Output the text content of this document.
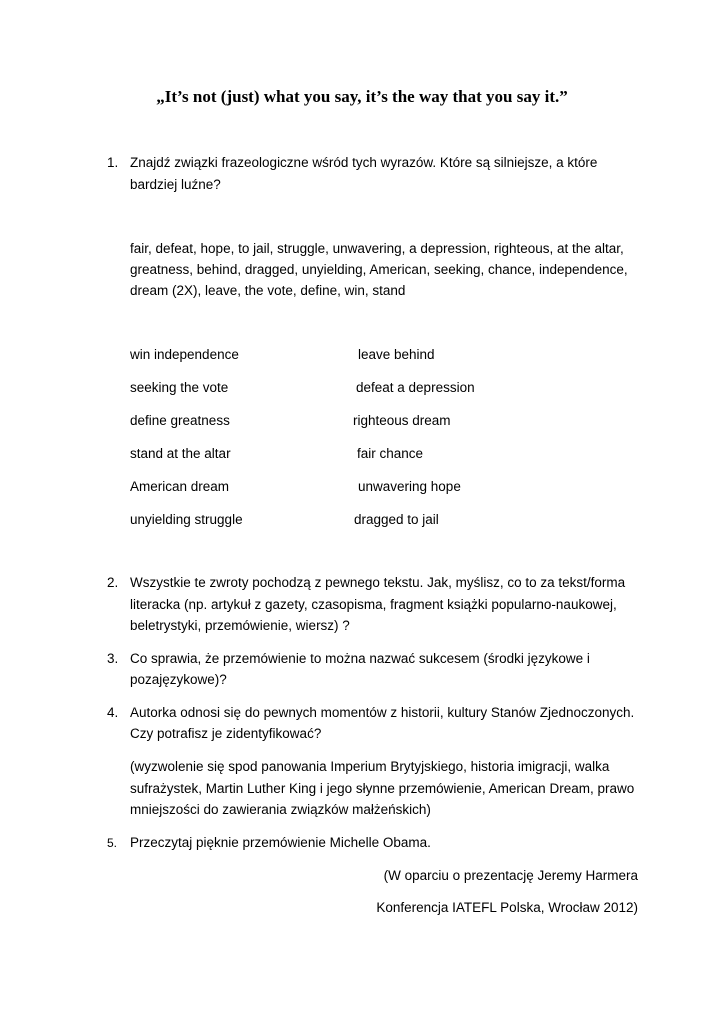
„It’s not (just) what you say, it’s the way that you say it.”
1. Znajdź związki frazeologiczne wśród tych wyrazów. Które są silniejsze, a które
bardziej luźne?
fair, defeat, hope, to jail, struggle, unwavering, a depression, righteous, at the altar,
greatness, behind, dragged, unyielding, American, seeking, chance, independence,
dream (2X), leave, the vote, define, win, stand
win independence	leave behind
seeking the vote	defeat a depression
define greatness	righteous dream
stand at the altar	fair chance
American dream	unwavering hope
unyielding struggle	dragged to jail
2. Wszystkie te zwroty pochodzą z pewnego tekstu. Jak, myślisz, co to za tekst/forma
literacka (np. artykuł z gazety, czasopisma, fragment książki popularno-naukowej,
beletrystyki, przemówienie, wiersz) ?
3. Co sprawia, że przemówienie to można nazwać sukcesem (środki językowe i
pozajęzykowe)?
4. Autorka odnosi się do pewnych momentów z historii, kultury Stanów Zjednoczonych.
Czy potrafisz je zidentyfikować?
(wyzwolenie się spod panowania Imperium Brytyjskiego, historia imigracji, walka
sufrażystek, Martin Luther King i jego słynne przemówienie, American Dream, prawo
mniejszości do zawierania związków małżeńskich)
5. Przeczytaj pięknie przemówienie Michelle Obama.
(W oparciu o prezentację Jeremy Harmera
Konferencja IATEFL Polska, Wrocław 2012)
